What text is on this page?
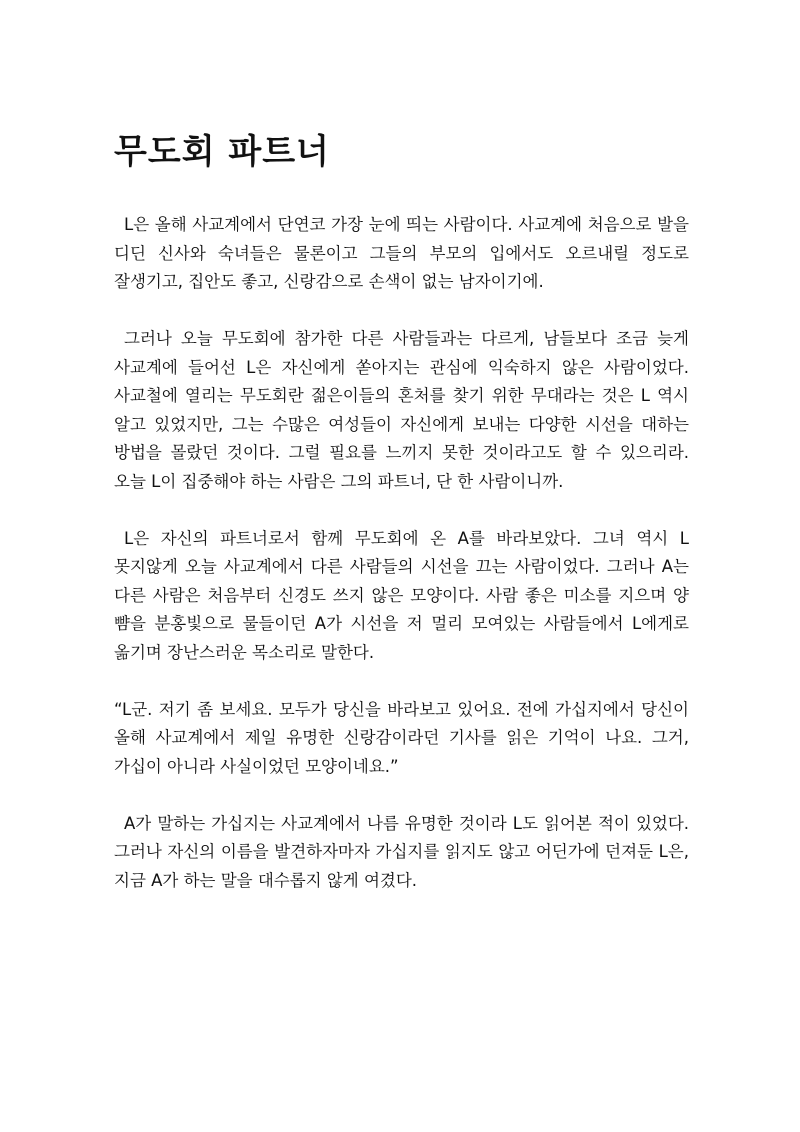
무도회 파트너

L은 올해 사교계에서 단연코 가장 눈에 띄는 사람이다. 사교계에 처음으로 발을 디딘 신사와 숙녀들은 물론이고 그들의 부모의 입에서도 오르내릴 정도로 잘생기고, 집안도 좋고, 신랑감으로 손색이 없는 남자이기에.

그러나 오늘 무도회에 참가한 다른 사람들과는 다르게, 남들보다 조금 늦게 사교계에 들어선 L은 자신에게 쏟아지는 관심에 익숙하지 않은 사람이었다. 사교철에 열리는 무도회란 젊은이들의 혼처를 찾기 위한 무대라는 것은 L 역시 알고 있었지만, 그는 수많은 여성들이 자신에게 보내는 다양한 시선을 대하는 방법을 몰랐던 것이다. 그럴 필요를 느끼지 못한 것이라고도 할 수 있으리라. 오늘 L이 집중해야 하는 사람은 그의 파트너, 단 한 사람이니까.

L은 자신의 파트너로서 함께 무도회에 온 A를 바라보았다. 그녀 역시 L 못지않게 오늘 사교계에서 다른 사람들의 시선을 끄는 사람이었다. 그러나 A는 다른 사람은 처음부터 신경도 쓰지 않은 모양이다. 사람 좋은 미소를 지으며 양 뺨을 분홍빛으로 물들이던 A가 시선을 저 멀리 모여있는 사람들에서 L에게로 옮기며 장난스러운 목소리로 말한다.

“L군. 저기 좀 보세요. 모두가 당신을 바라보고 있어요. 전에 가십지에서 당신이 올해 사교계에서 제일 유명한 신랑감이라던 기사를 읽은 기억이 나요. 그거, 가십이 아니라 사실이었던 모양이네요.”

A가 말하는 가십지는 사교계에서 나름 유명한 것이라 L도 읽어본 적이 있었다. 그러나 자신의 이름을 발견하자마자 가십지를 읽지도 않고 어딘가에 던져둔 L은, 지금 A가 하는 말을 대수롭지 않게 여겼다.
